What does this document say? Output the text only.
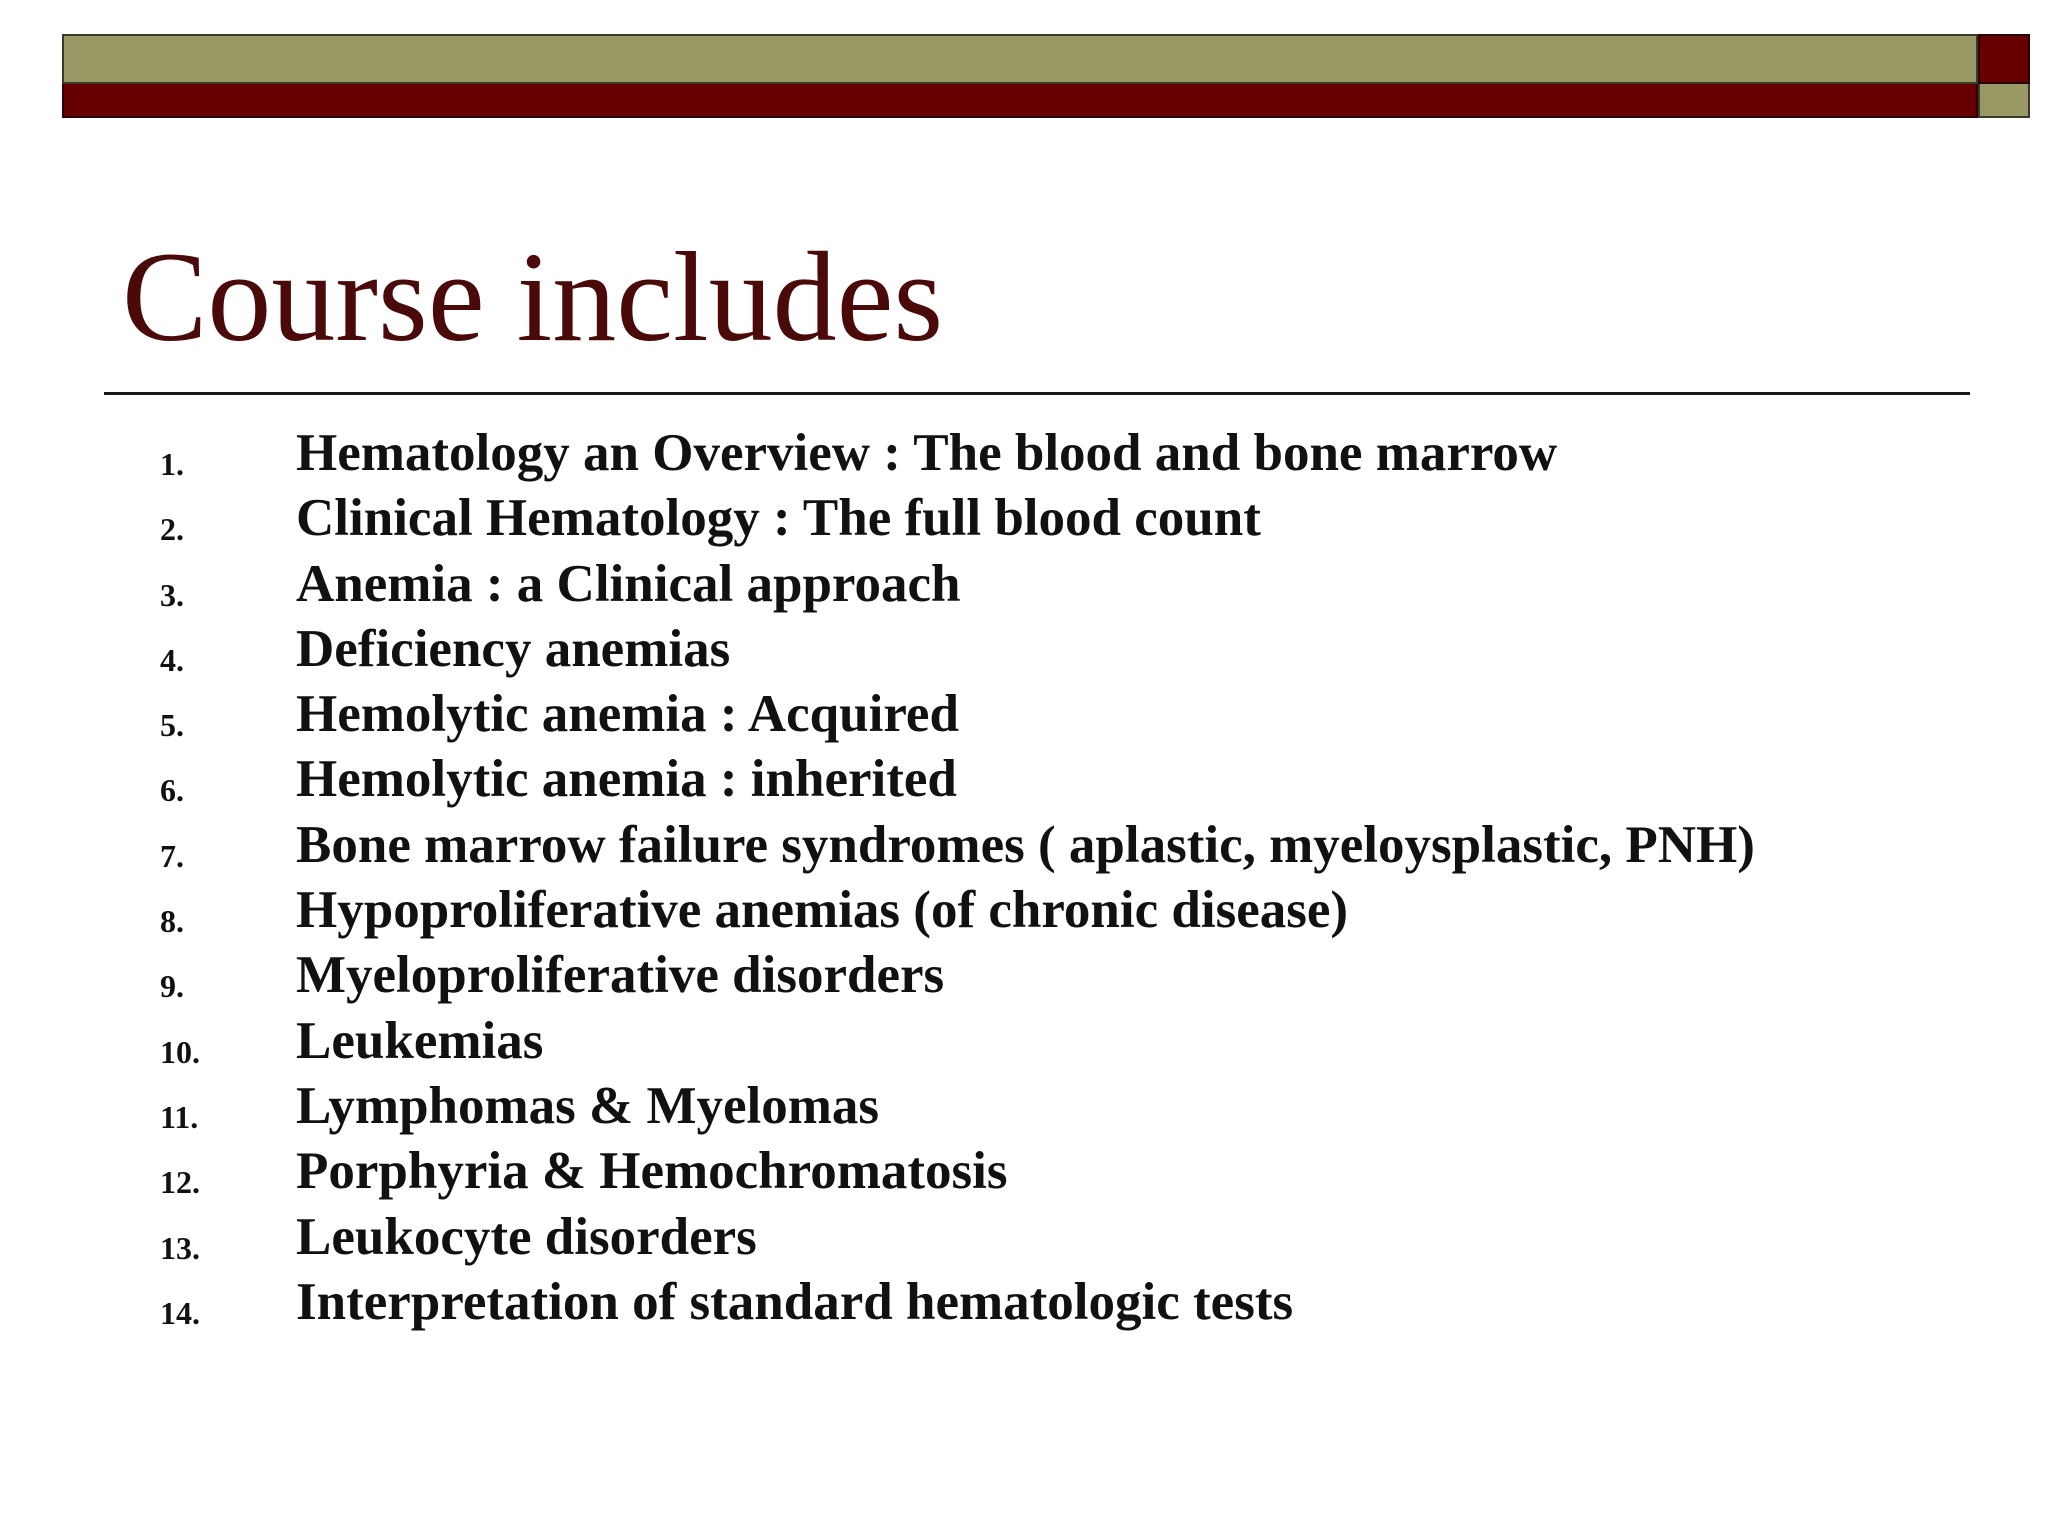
Course includes
1. Hematology an Overview : The blood and bone marrow
2. Clinical Hematology : The full blood count
3. Anemia : a Clinical approach
4. Deficiency anemias
5. Hemolytic anemia : Acquired
6. Hemolytic anemia : inherited
7. Bone marrow failure syndromes ( aplastic, myeloysplastic, PNH)
8. Hypoproliferative anemias (of chronic disease)
9. Myeloproliferative disorders
10. Leukemias
11. Lymphomas & Myelomas
12. Porphyria & Hemochromatosis
13. Leukocyte disorders
14. Interpretation of standard hematologic tests
